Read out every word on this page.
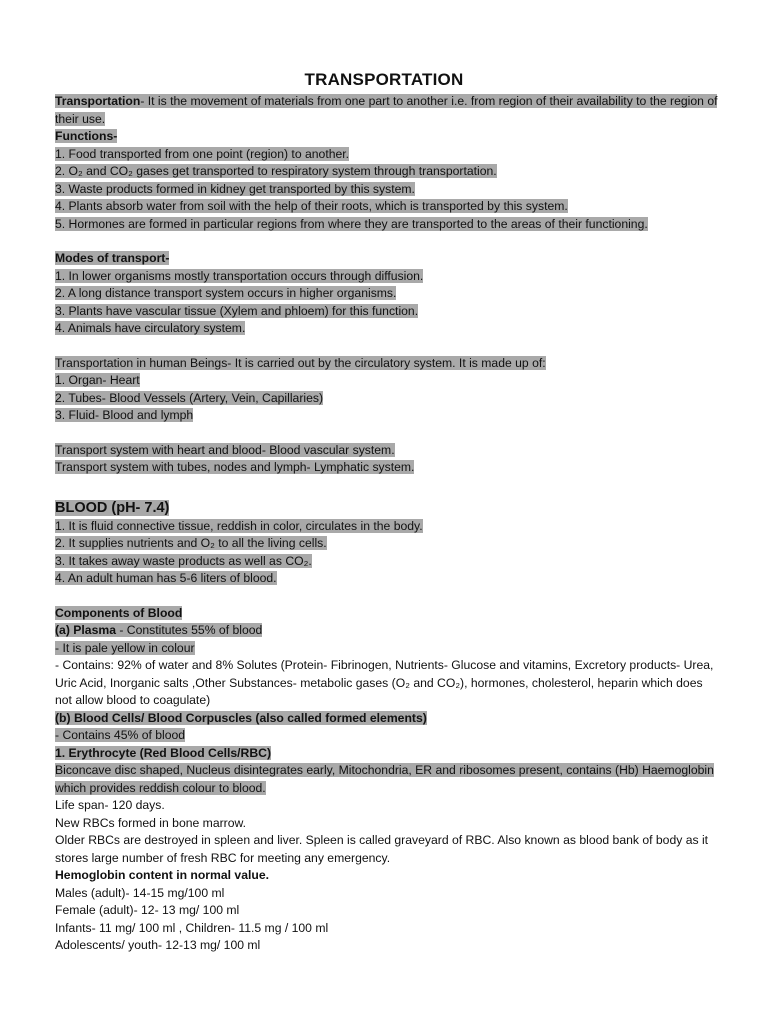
TRANSPORTATION
Transportation- It is the movement of materials from one part to another i.e. from region of their availability to the region of their use.
Functions-
1. Food transported from one point (region) to another.
2. O₂ and CO₂ gases get transported to respiratory system through transportation.
3. Waste products formed in kidney get transported by this system.
4. Plants absorb water from soil with the help of their roots, which is transported by this system.
5. Hormones are formed in particular regions from where they are transported to the areas of their functioning.
Modes of transport-
1. In lower organisms mostly transportation occurs through diffusion.
2. A long distance transport system occurs in higher organisms.
3. Plants have vascular tissue (Xylem and phloem) for this function.
4. Animals have circulatory system.
Transportation in human Beings- It is carried out by the circulatory system. It is made up of:
1. Organ- Heart
2. Tubes- Blood Vessels (Artery, Vein, Capillaries)
3. Fluid- Blood and lymph
Transport system with heart and blood- Blood vascular system.
Transport system with tubes, nodes and lymph- Lymphatic system.
BLOOD (pH- 7.4)
1. It is fluid connective tissue, reddish in color, circulates in the body.
2. It supplies nutrients and O₂ to all the living cells.
3. It takes away waste products as well as CO₂.
4. An adult human has 5-6 liters of blood.
Components of Blood
(a) Plasma - Constitutes 55% of blood
- It is pale yellow in colour
- Contains: 92% of water and 8% Solutes (Protein- Fibrinogen, Nutrients- Glucose and vitamins, Excretory products- Urea, Uric Acid, Inorganic salts ,Other Substances- metabolic gases (O₂ and CO₂), hormones, cholesterol, heparin which does not allow blood to coagulate)
(b) Blood Cells/ Blood Corpuscles (also called formed elements)
- Contains 45% of blood
1. Erythrocyte (Red Blood Cells/RBC)
Biconcave disc shaped, Nucleus disintegrates early, Mitochondria, ER and ribosomes present, contains (Hb) Haemoglobin which provides reddish colour to blood.
Life span- 120 days.
New RBCs formed in bone marrow.
Older RBCs are destroyed in spleen and liver. Spleen is called graveyard of RBC. Also known as blood bank of body as it stores large number of fresh RBC for meeting any emergency.
Hemoglobin content in normal value.
Males (adult)- 14-15 mg/100 ml
Female (adult)- 12- 13 mg/ 100 ml
Infants- 11 mg/ 100 ml , Children- 11.5 mg / 100 ml
Adolescents/ youth- 12-13 mg/ 100 ml
